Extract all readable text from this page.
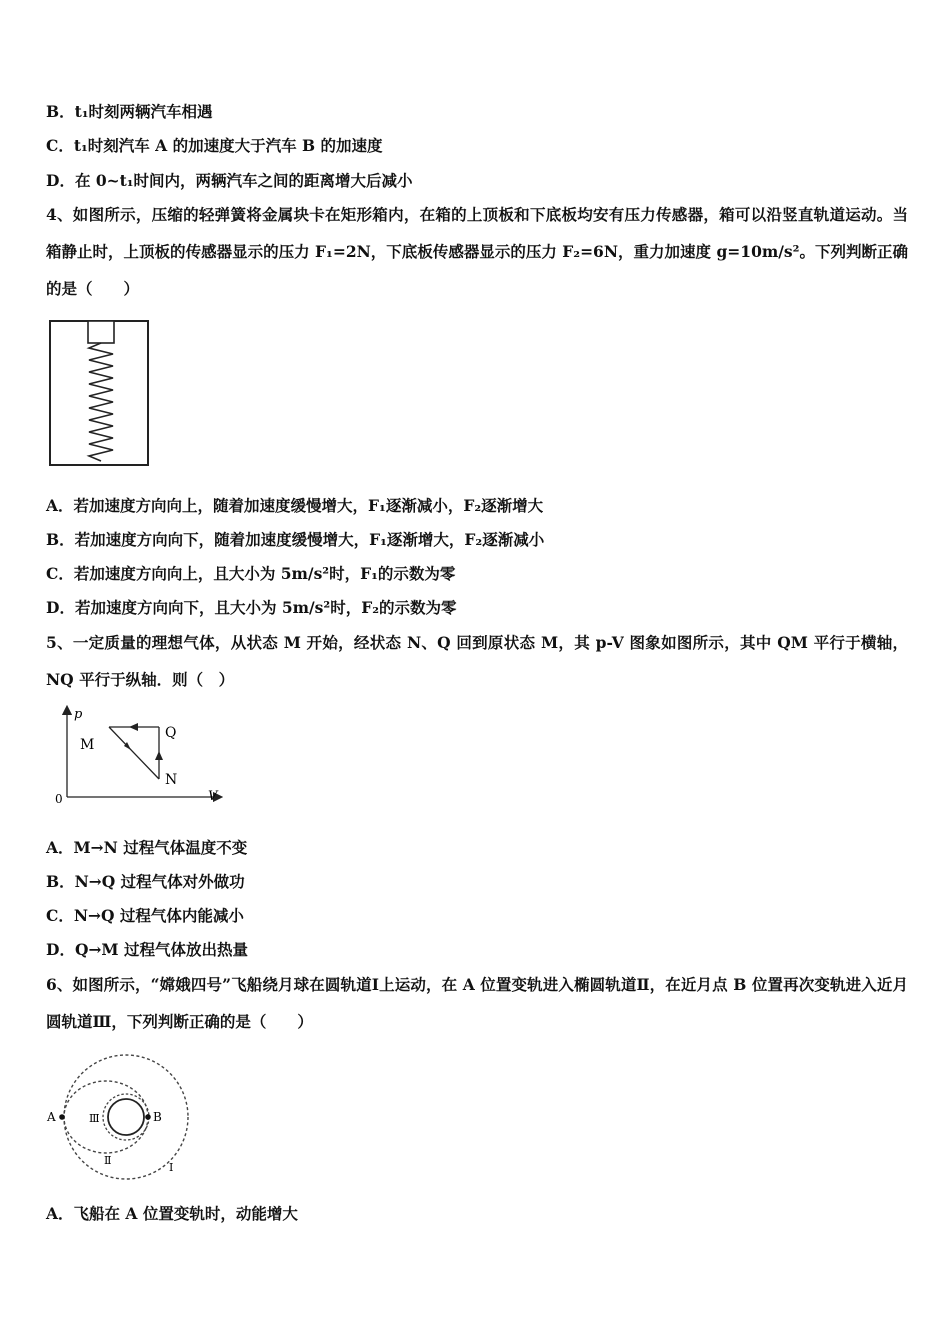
B．t₁时刻两辆汽车相遇
C．t₁时刻汽车 A 的加速度大于汽车 B 的加速度
D．在 0~t₁时间内，两辆汽车之间的距离增大后减小
4、如图所示，压缩的轻弹簧将金属块卡在矩形箱内，在箱的上顶板和下底板均安有压力传感器，箱可以沿竖直轨道运动。当箱静止时，上顶板的传感器显示的压力 F₁=2N，下底板传感器显示的压力 F₂=6N，重力加速度 g=10m/s²。下列判断正确的是（　　）
A．若加速度方向向上，随着加速度缓慢增大，F₁逐渐减小，F₂逐渐增大
B．若加速度方向向下，随着加速度缓慢增大，F₁逐渐增大，F₂逐渐减小
C．若加速度方向向上，且大小为 5m/s²时，F₁的示数为零
D．若加速度方向向下，且大小为 5m/s²时，F₂的示数为零
5、一定质量的理想气体，从状态 M 开始，经状态 N、Q 回到原状态 M，其 p-V 图象如图所示，其中 QM 平行于横轴，NQ 平行于纵轴．则（　）
p
V
0
M
Q
N
A．M→N 过程气体温度不变
B．N→Q 过程气体对外做功
C．N→Q 过程气体内能减小
D．Q→M 过程气体放出热量
6、如图所示，“嫦娥四号”飞船绕月球在圆轨道Ⅰ上运动，在 A 位置变轨进入椭圆轨道Ⅱ，在近月点 B 位置再次变轨进入近月圆轨道Ⅲ，下列判断正确的是（　　）
A	B
Ⅲ
Ⅱ
Ⅰ
A．飞船在 A 位置变轨时，动能增大
